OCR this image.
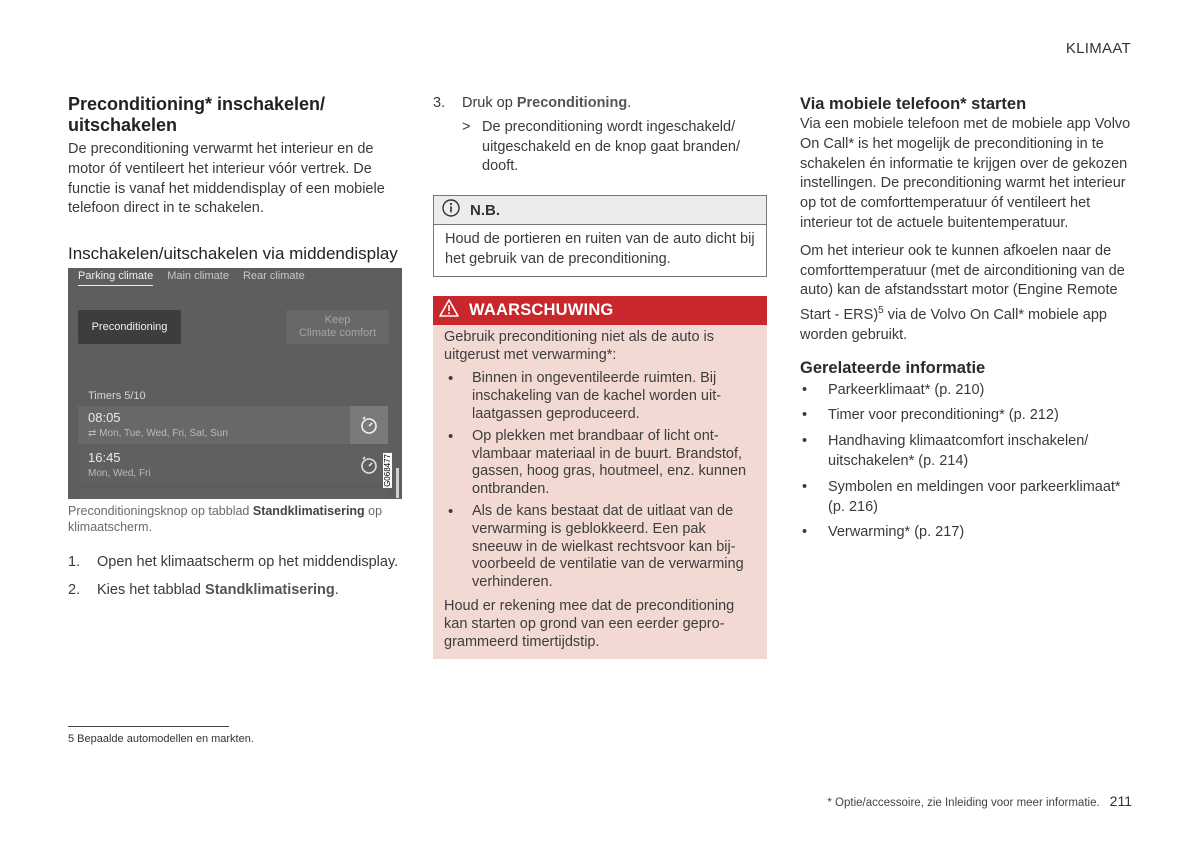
KLIMAAT
Preconditioning* inschakelen/ uitschakelen

De preconditioning verwarmt het interieur en de motor óf ventileert het interieur vóór vertrek. De functie is vanaf het middendisplay of een mobiele telefoon direct in te schakelen.

Inschakelen/uitschakelen via middendisplay
Parking climate Main climate Rear climate
Preconditioning
Keep
Climate comfort
Timers 5/10
08:05
⇄ Mon, Tue, Wed, Fri, Sat, Sun
16:45
Mon, Wed, Fri	G068477

Preconditioningsknop op tabblad Standklimatisering op klimaatscherm.

1. Open het klimaatscherm op het middendisplay.
2. Kies het tabblad Standklimatisering.
3. Druk op Preconditioning.
> De preconditioning wordt ingeschakeld/ uitgeschakeld en de knop gaat branden/ dooft.
N.B.
Houd de portieren en ruiten van de auto dicht bij het gebruik van de preconditioning.
WAARSCHUWING
Gebruik preconditioning niet als de auto is uitgerust met verwarming*:
• Binnen in ongeventileerde ruimten. Bij inschakeling van de kachel worden uitlaatgassen geproduceerd.
• Op plekken met brandbaar of licht ontvlambaar materiaal in de buurt. Brandstof, gassen, hoog gras, houtmeel, enz. kunnen ontbranden.
• Als de kans bestaat dat de uitlaat van de verwarming is geblokkeerd. Een pak sneeuw in de wielkast rechtsvoor kan bijvoorbeeld de ventilatie van de verwarming verhinderen.
Houd er rekening mee dat de preconditioning kan starten op grond van een eerder geprogrammeerd timertijdstip.
Via mobiele telefoon* starten

Via een mobiele telefoon met de mobiele app Volvo On Call* is het mogelijk de preconditioning in te schakelen én informatie te krijgen over de gekozen instellingen. De preconditioning warmt het interieur op tot de comforttemperatuur óf ventileert het interieur tot de actuele buitentemperatuur.

Om het interieur ook te kunnen afkoelen naar de comforttemperatuur (met de airconditioning van de auto) kan de afstandsstart motor (Engine Remote Start - ERS)$^5$ via de Volvo On Call* mobiele app worden gebruikt.

Gerelateerde informatie
• Parkeerklimaat* (p. 210)
• Timer voor preconditioning* (p. 212)
• Handhaving klimaatcomfort inschakelen/ uitschakelen* (p. 214)
• Symbolen en meldingen voor parkeerklimaat* (p. 216)
• Verwarming* (p. 217)
5 Bepaalde automodellen en markten.
* Optie/accessoire, zie Inleiding voor meer informatie. 211
